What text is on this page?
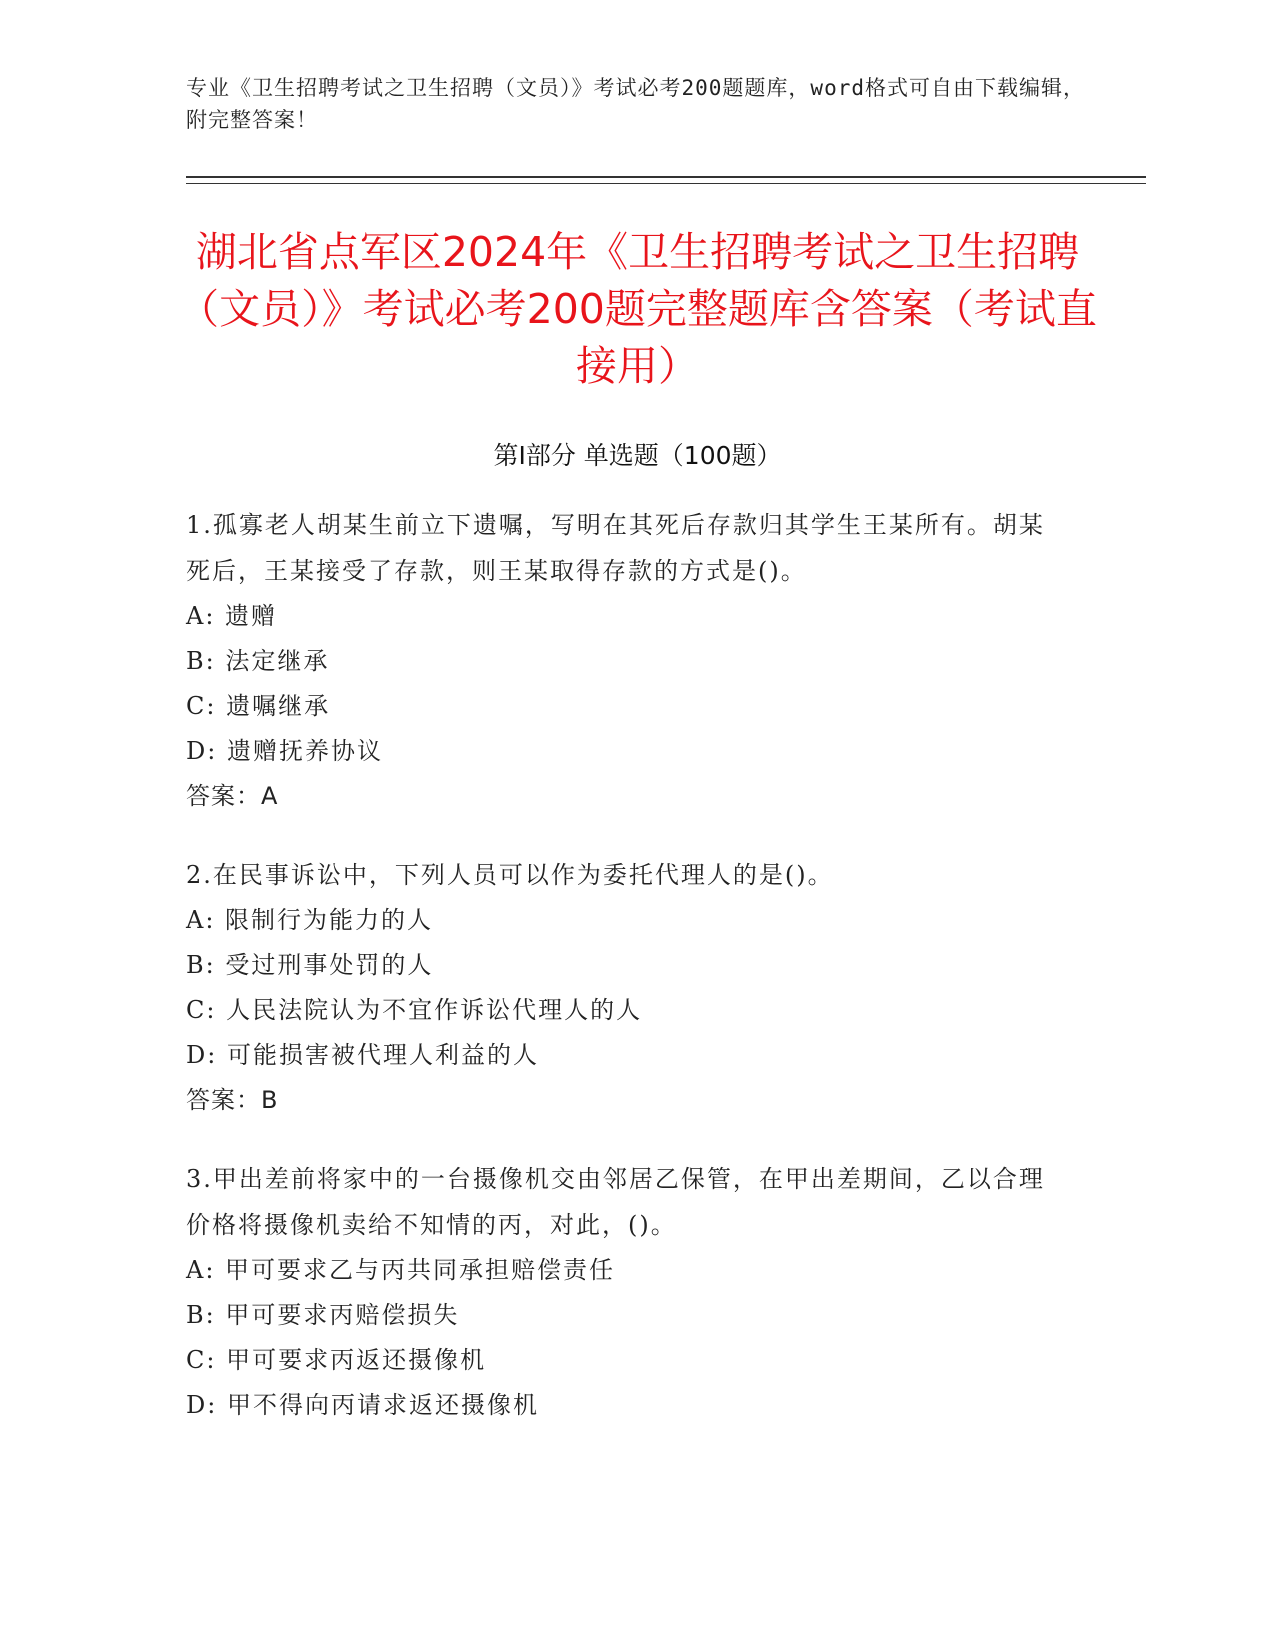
专业《卫生招聘考试之卫生招聘（文员）》考试必考200题题库，word格式可自由下载编辑，附完整答案！
湖北省点军区2024年《卫生招聘考试之卫生招聘（文员）》考试必考200题完整题库含答案（考试直接用）
第Ⅰ部分 单选题（100题）
1.孤寡老人胡某生前立下遗嘱，写明在其死后存款归其学生王某所有。胡某死后，王某接受了存款，则王某取得存款的方式是()。
A: 遗赠
B: 法定继承
C: 遗嘱继承
D: 遗赠抚养协议
答案：A
2.在民事诉讼中，下列人员可以作为委托代理人的是()。
A: 限制行为能力的人
B: 受过刑事处罚的人
C: 人民法院认为不宜作诉讼代理人的人
D: 可能损害被代理人利益的人
答案：B
3.甲出差前将家中的一台摄像机交由邻居乙保管，在甲出差期间，乙以合理价格将摄像机卖给不知情的丙，对此，()。
A: 甲可要求乙与丙共同承担赔偿责任
B: 甲可要求丙赔偿损失
C: 甲可要求丙返还摄像机
D: 甲不得向丙请求返还摄像机
